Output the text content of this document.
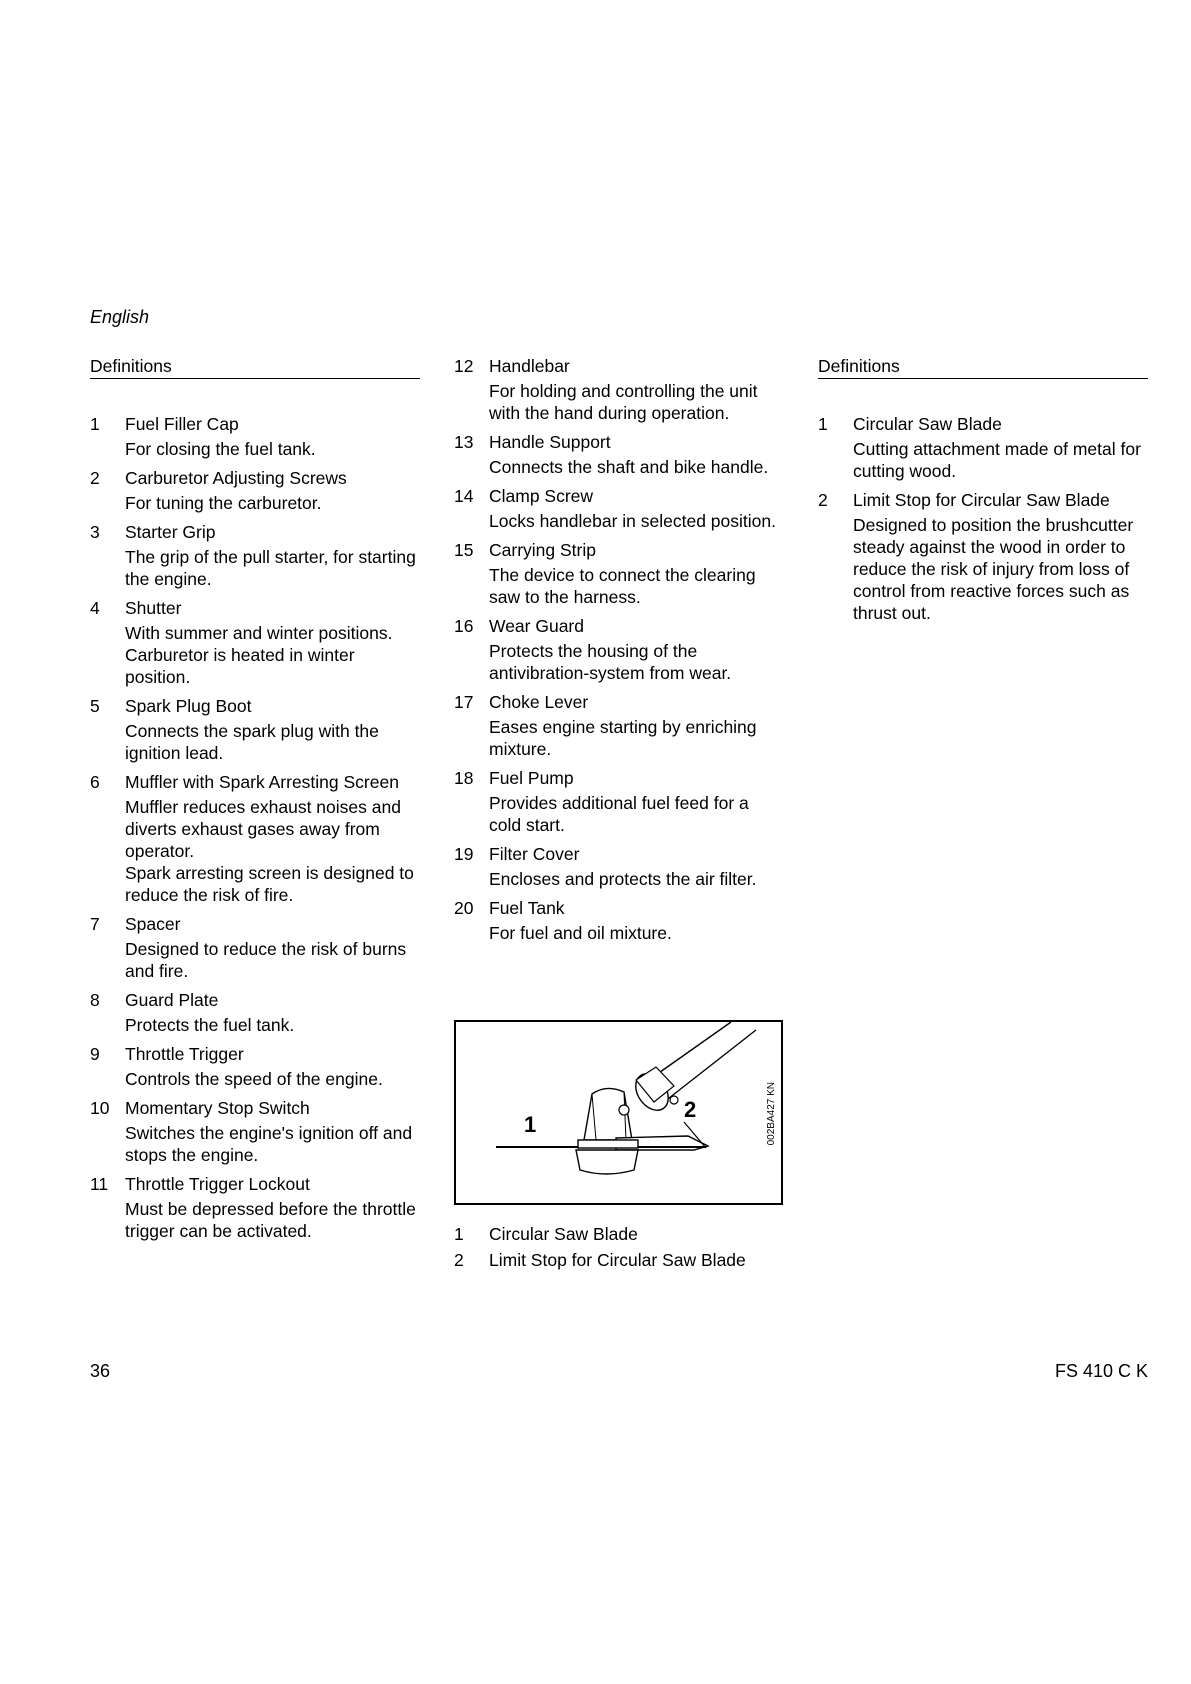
English
Definitions
1	Fuel Filler Cap
For closing the fuel tank.
2	Carburetor Adjusting Screws
For tuning the carburetor.
3	Starter Grip
The grip of the pull starter, for starting the engine.
4	Shutter
With summer and winter positions. Carburetor is heated in winter position.
5	Spark Plug Boot
Connects the spark plug with the ignition lead.
6	Muffler with Spark Arresting Screen
Muffler reduces exhaust noises and diverts exhaust gases away from operator.
Spark arresting screen is designed to reduce the risk of fire.
7	Spacer
Designed to reduce the risk of burns and fire.
8	Guard Plate
Protects the fuel tank.
9	Throttle Trigger
Controls the speed of the engine.
10 Momentary Stop Switch
Switches the engine's ignition off and stops the engine.
11 Throttle Trigger Lockout
Must be depressed before the throttle trigger can be activated.
12 Handlebar
For holding and controlling the unit with the hand during operation.
13 Handle Support
Connects the shaft and bike handle.
14 Clamp Screw
Locks handlebar in selected position.
15 Carrying Strip
The device to connect the clearing saw to the harness.
16 Wear Guard
Protects the housing of the antivibration-system from wear.
17 Choke Lever
Eases engine starting by enriching mixture.
18 Fuel Pump
Provides additional fuel feed for a cold start.
19 Filter Cover
Encloses and protects the air filter.
20 Fuel Tank
For fuel and oil mixture.
1
2	002BA427 KN
1	Circular Saw Blade
2	Limit Stop for Circular Saw Blade
Definitions
1	Circular Saw Blade
Cutting attachment made of metal for cutting wood.
2	Limit Stop for Circular Saw Blade
Designed to position the brushcutter steady against the wood in order to reduce the risk of injury from loss of control from reactive forces such as thrust out.
36	FS 410 C K
